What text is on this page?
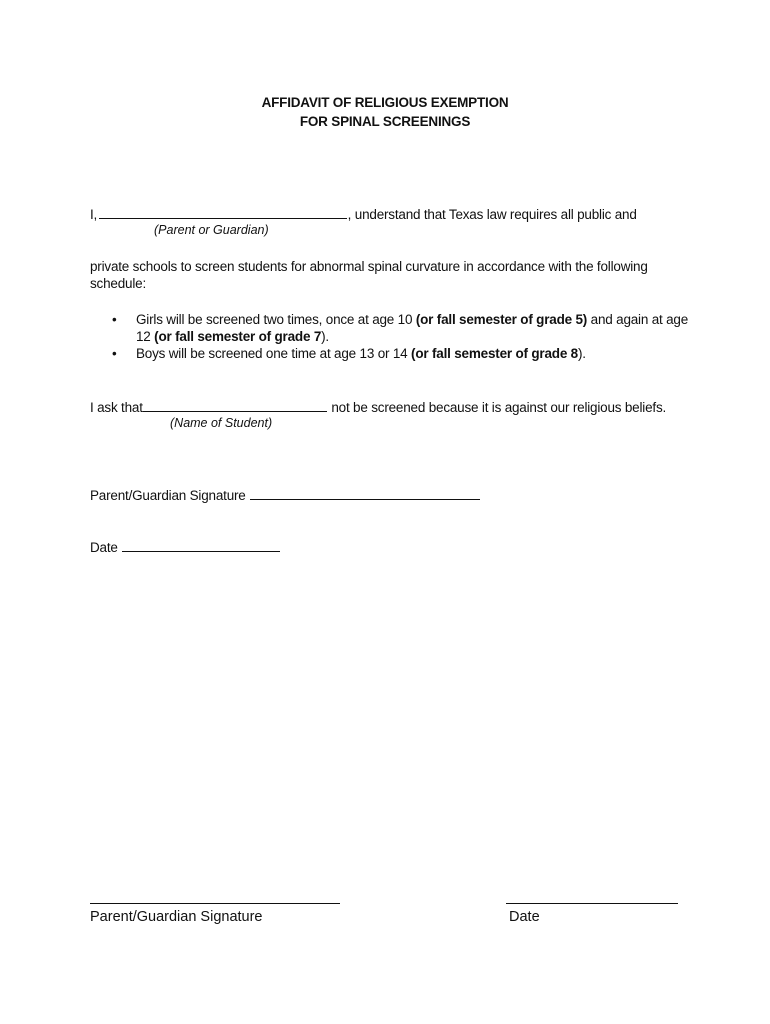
AFFIDAVIT OF RELIGIOUS EXEMPTION
FOR SPINAL SCREENINGS
I,	, understand that Texas law requires all public and
(Parent or Guardian)
private schools to screen students for abnormal spinal curvature in accordance with the following
schedule:
• Girls will be screened two times, once at age 10 (or fall semester of grade 5) and again at age 12 (or fall semester of grade 7).
• Boys will be screened one time at age 13 or 14 (or fall semester of grade 8).
I ask that	not be screened because it is against our religious beliefs.
(Name of Student)
Parent/Guardian Signature
Date
Parent/Guardian Signature	Date
